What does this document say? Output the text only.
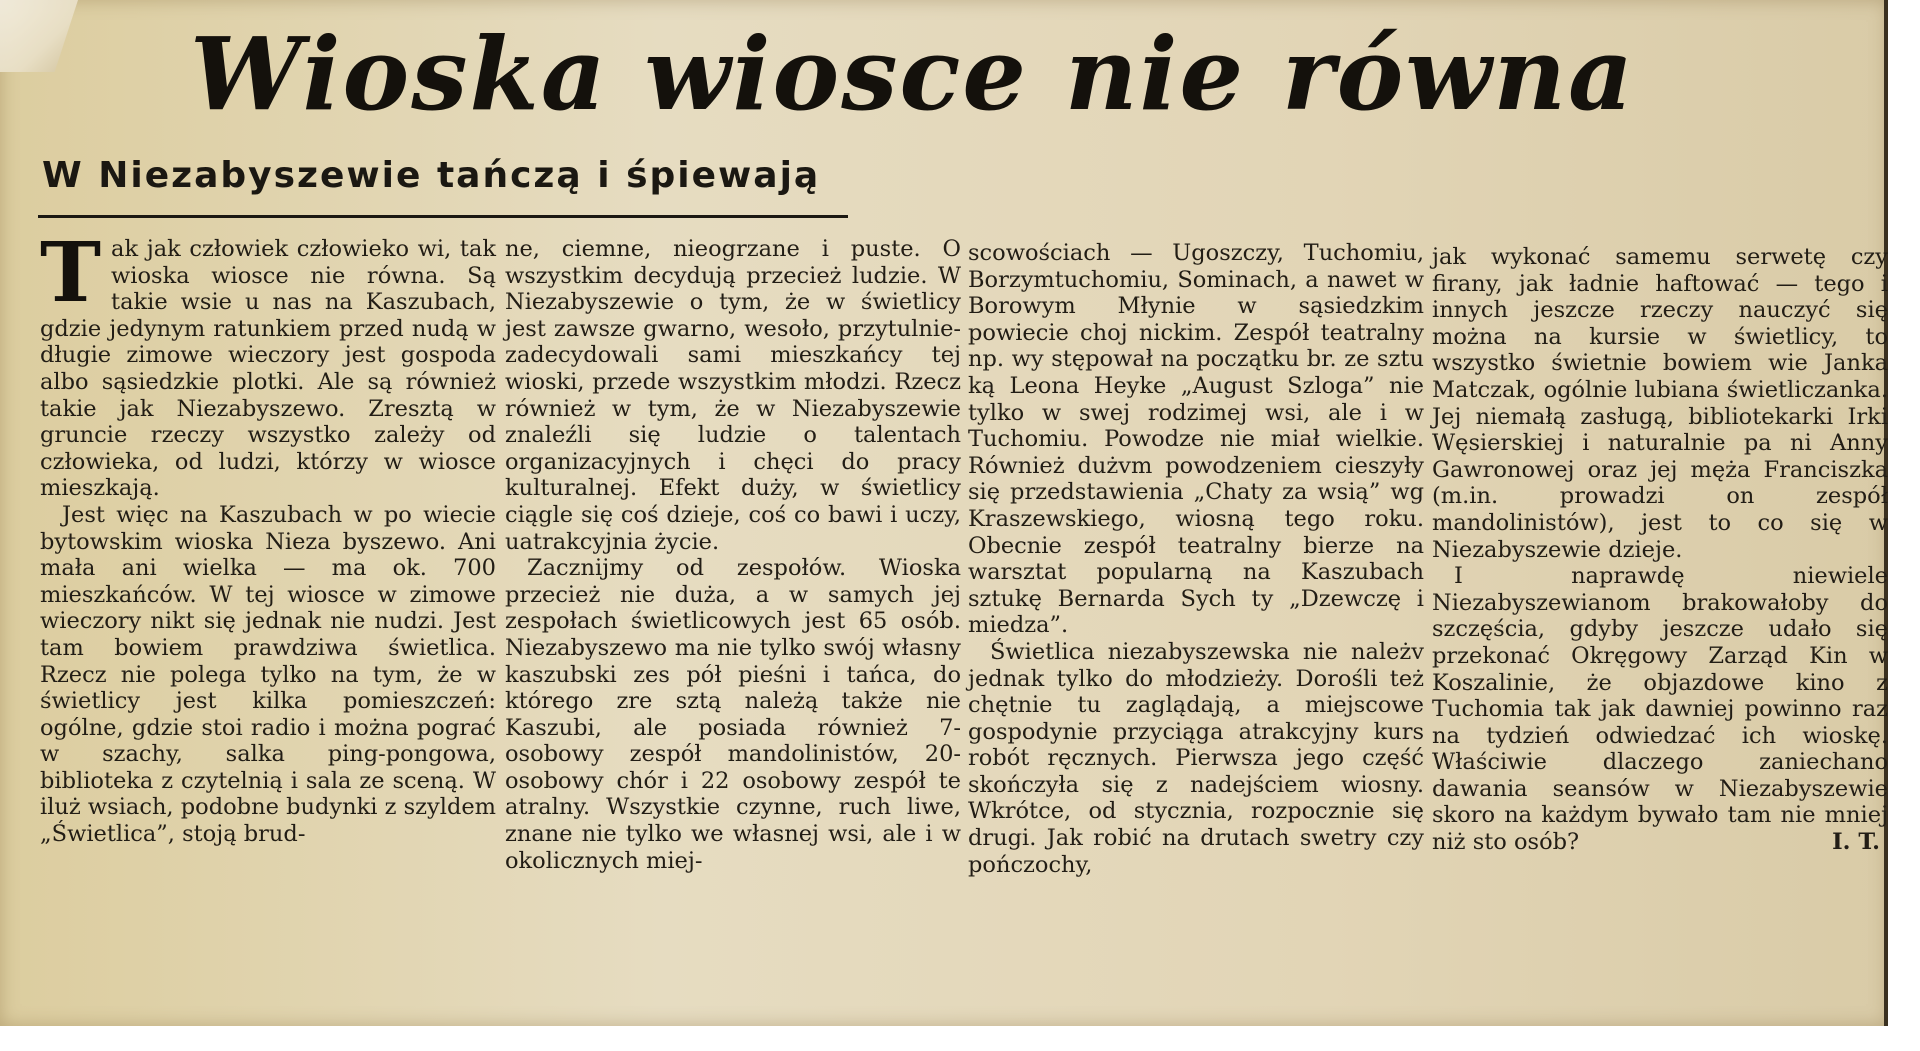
Wioska wiosce nie równa
W Niezabyszewie tańczą i śpiewają
T ak jak człowiek człowieko wi, tak wioska wiosce nie równa. Są takie wsie u nas na Kaszubach, gdzie jedynym ratunkiem przed nudą w długie zimowe wieczory jest gospoda albo sąsiedzkie plotki. Ale są również takie jak Niezabyszewo. Zresztą w gruncie rzeczy wszystko zależy od człowieka, od ludzi, którzy w wiosce mieszkają.

Jest więc na Kaszubach w po wiecie bytowskim wioska Nieza byszewo. Ani mała ani wielka — ma ok. 700 mieszkańców. W tej wiosce w zimowe wieczory nikt się jednak nie nudzi. Jest tam bowiem prawdziwa świetlica. Rzecz nie polega tylko na tym, że w świetlicy jest kilka pomieszczeń: ogólne, gdzie stoi radio i można pograć w szachy, salka ping-pongowa, biblioteka z czytelnią i sala ze sceną. W iluż wsiach, podobne budynki z szyldem „Świetlica”, stoją brud-

ne, ciemne, nieogrzane i puste. O wszystkim decydują przecież ludzie. W Niezabyszewie o tym, że w świetlicy jest zawsze gwarno, wesoło, przytulnie-zadecydowali sami mieszkańcy tej wioski, przede wszystkim młodzi. Rzecz również w tym, że w Niezabyszewie znaleźli się ludzie o talentach organizacyjnych i chęci do pracy kulturalnej. Efekt duży, w świetlicy ciągle się coś dzieje, coś co bawi i uczy, uatrakcyjnia życie.

Zacznijmy od zespołów. Wioska przecież nie duża, a w samych jej zespołach świetlicowych jest 65 osób. Niezabyszewo ma nie tylko swój własny kaszubski zes pół pieśni i tańca, do którego zre sztą należą także nie Kaszubi, ale posiada również 7-osobowy zespół mandolinistów, 20-osobowy chór i 22 osobowy zespół te atralny. Wszystkie czynne, ruch liwe, znane nie tylko we własnej wsi, ale i w okolicznych miej-

scowościach — Ugoszczy, Tuchomiu, Borzymtuchomiu, Sominach, a nawet w Borowym Młynie w sąsiedzkim powiecie choj nickim. Zespół teatralny np. wy stępował na początku br. ze sztu ką Leona Heyke „August Szloga” nie tylko w swej rodzimej wsi, ale i w Tuchomiu. Powodze nie miał wielkie. Również dużvm powodzeniem cieszyły się przedstawienia „Chaty za wsią” wg Kraszewskiego, wiosną tego roku. Obecnie zespół teatralny bierze na warsztat popularną na Kaszubach sztukę Bernarda Sych ty „Dzewczę i miedza”.

Świetlica niezabyszewska nie należv jednak tylko do młodzieży. Dorośli też chętnie tu zaglądają, a miejscowe gospodynie przyciąga atrakcyjny kurs robót ręcznych. Pierwsza jego część skończyła się z nadejściem wiosny. Wkrótce, od stycznia, rozpocznie się drugi. Jak robić na drutach swetry czy pończochy,

jak wykonać samemu serwetę czy firany, jak ładnie haftować — tego i innych jeszcze rzeczy nauczyć się można na kursie w świetlicy, to wszystko świetnie bowiem wie Janka Matczak, ogólnie lubiana świetliczanka. Jej niemałą zasługą, bibliotekarki Irki Węsierskiej i naturalnie pa ni Anny Gawronowej oraz jej męża Franciszka (m.in. prowadzi on zespół mandolinistów), jest to co się w Niezabyszewie dzieje.

I naprawdę niewiele Niezabyszewianom brakowałoby do szczęścia, gdyby jeszcze udało się przekonać Okręgowy Zarząd Kin w Koszalinie, że objazdowe kino z Tuchomia tak jak dawniej powinno raz na tydzień odwiedzać ich wioskę. Właściwie dlaczego zaniechano dawania seansów w Niezabyszewie skoro na każdym bywało tam nie mniej niż sto osób?	I. T.
